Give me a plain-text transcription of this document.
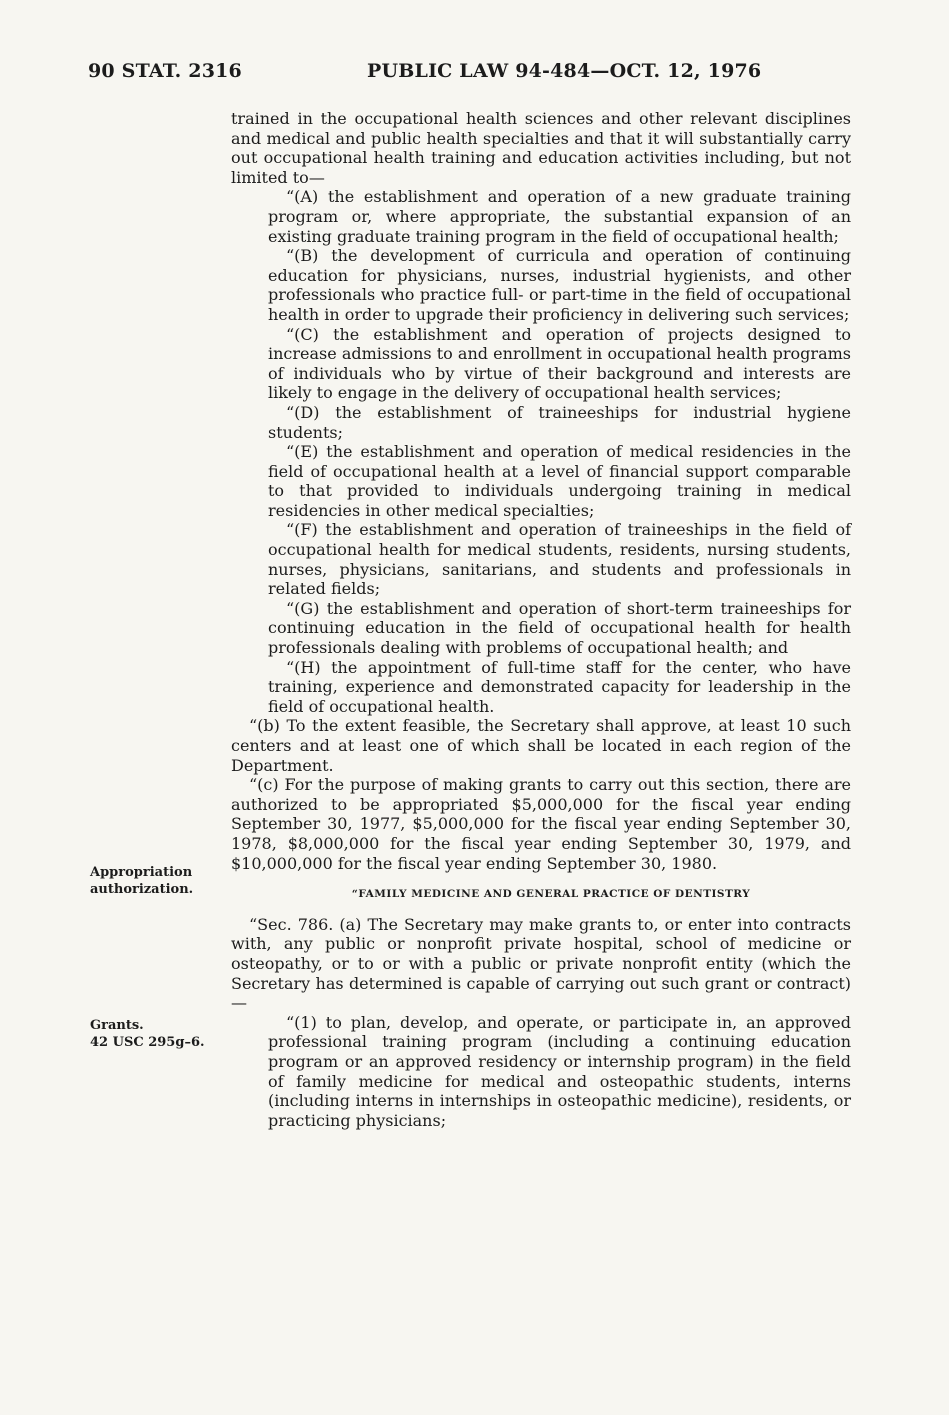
90 STAT. 2316	PUBLIC LAW 94-484—OCT. 12, 1976
Appropriation
authorization.
Grants.
42 USC 295g–6.

trained in the occupational health sciences and other relevant disciplines and medical and public health specialties and that it will substantially carry out occupational health training and education activities including, but not limited to—

“(A) the establishment and operation of a new graduate training program or, where appropriate, the substantial expansion of an existing graduate training program in the field of occupational health;

“(B) the development of curricula and operation of continuing education for physicians, nurses, industrial hygienists, and other professionals who practice full- or part-time in the field of occupational health in order to upgrade their proficiency in delivering such services;

“(C) the establishment and operation of projects designed to increase admissions to and enrollment in occupational health programs of individuals who by virtue of their background and interests are likely to engage in the delivery of occupational health services;

“(D) the establishment of traineeships for industrial hygiene students;

“(E) the establishment and operation of medical residencies in the field of occupational health at a level of financial support comparable to that provided to individuals undergoing training in medical residencies in other medical specialties;

“(F) the establishment and operation of traineeships in the field of occupational health for medical students, residents, nursing students, nurses, physicians, sanitarians, and students and professionals in related fields;

“(G) the establishment and operation of short-term traineeships for continuing education in the field of occupational health for health professionals dealing with problems of occupational health; and

“(H) the appointment of full-time staff for the center, who have training, experience and demonstrated capacity for leadership in the field of occupational health.

“(b) To the extent feasible, the Secretary shall approve, at least 10 such centers and at least one of which shall be located in each region of the Department.

“(c) For the purpose of making grants to carry out this section, there are authorized to be appropriated $5,000,000 for the fiscal year ending September 30, 1977, $5,000,000 for the fiscal year ending September 30, 1978, $8,000,000 for the fiscal year ending September 30, 1979, and $10,000,000 for the fiscal year ending September 30, 1980.

“FAMILY MEDICINE AND GENERAL PRACTICE OF DENTISTRY

“Sec. 786. (a) The Secretary may make grants to, or enter into contracts with, any public or nonprofit private hospital, school of medicine or osteopathy, or to or with a public or private nonprofit entity (which the Secretary has determined is capable of carrying out such grant or contract)—

“(1) to plan, develop, and operate, or participate in, an approved professional training program (including a continuing education program or an approved residency or internship program) in the field of family medicine for medical and osteopathic students, interns (including interns in internships in osteopathic medicine), residents, or practicing physicians;
